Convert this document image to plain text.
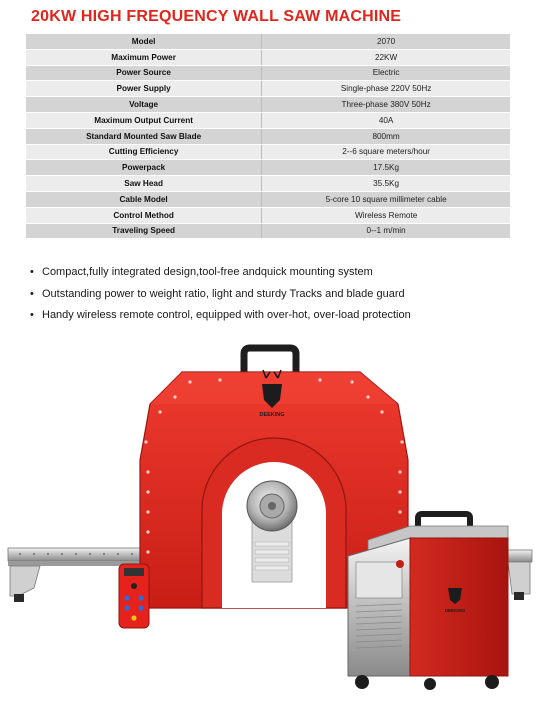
20KW HIGH FREQUENCY WALL SAW MACHINE
Model	2070
Maximum Power	22KW
Power Source	Electric
Power Supply	Single-phase 220V 50Hz
Voltage	Three-phase 380V 50Hz
Maximum Output Current	40A
Standard Mounted Saw Blade	800mm
Cutting Efficiency	2--6 square meters/hour
Powerpack	17.5Kg
Saw Head	35.5Kg
Cable Model	5-core 10 square millimeter cable
Control Method	Wireless Remote
Traveling Speed	0--1 m/min
• Compact,fully integrated design,tool-free andquick mounting system
• Outstanding power to weight ratio, light and sturdy Tracks and blade guard
• Handy wireless remote control, equipped with over-hot, over-load protection
DEEKING
DEEKING
